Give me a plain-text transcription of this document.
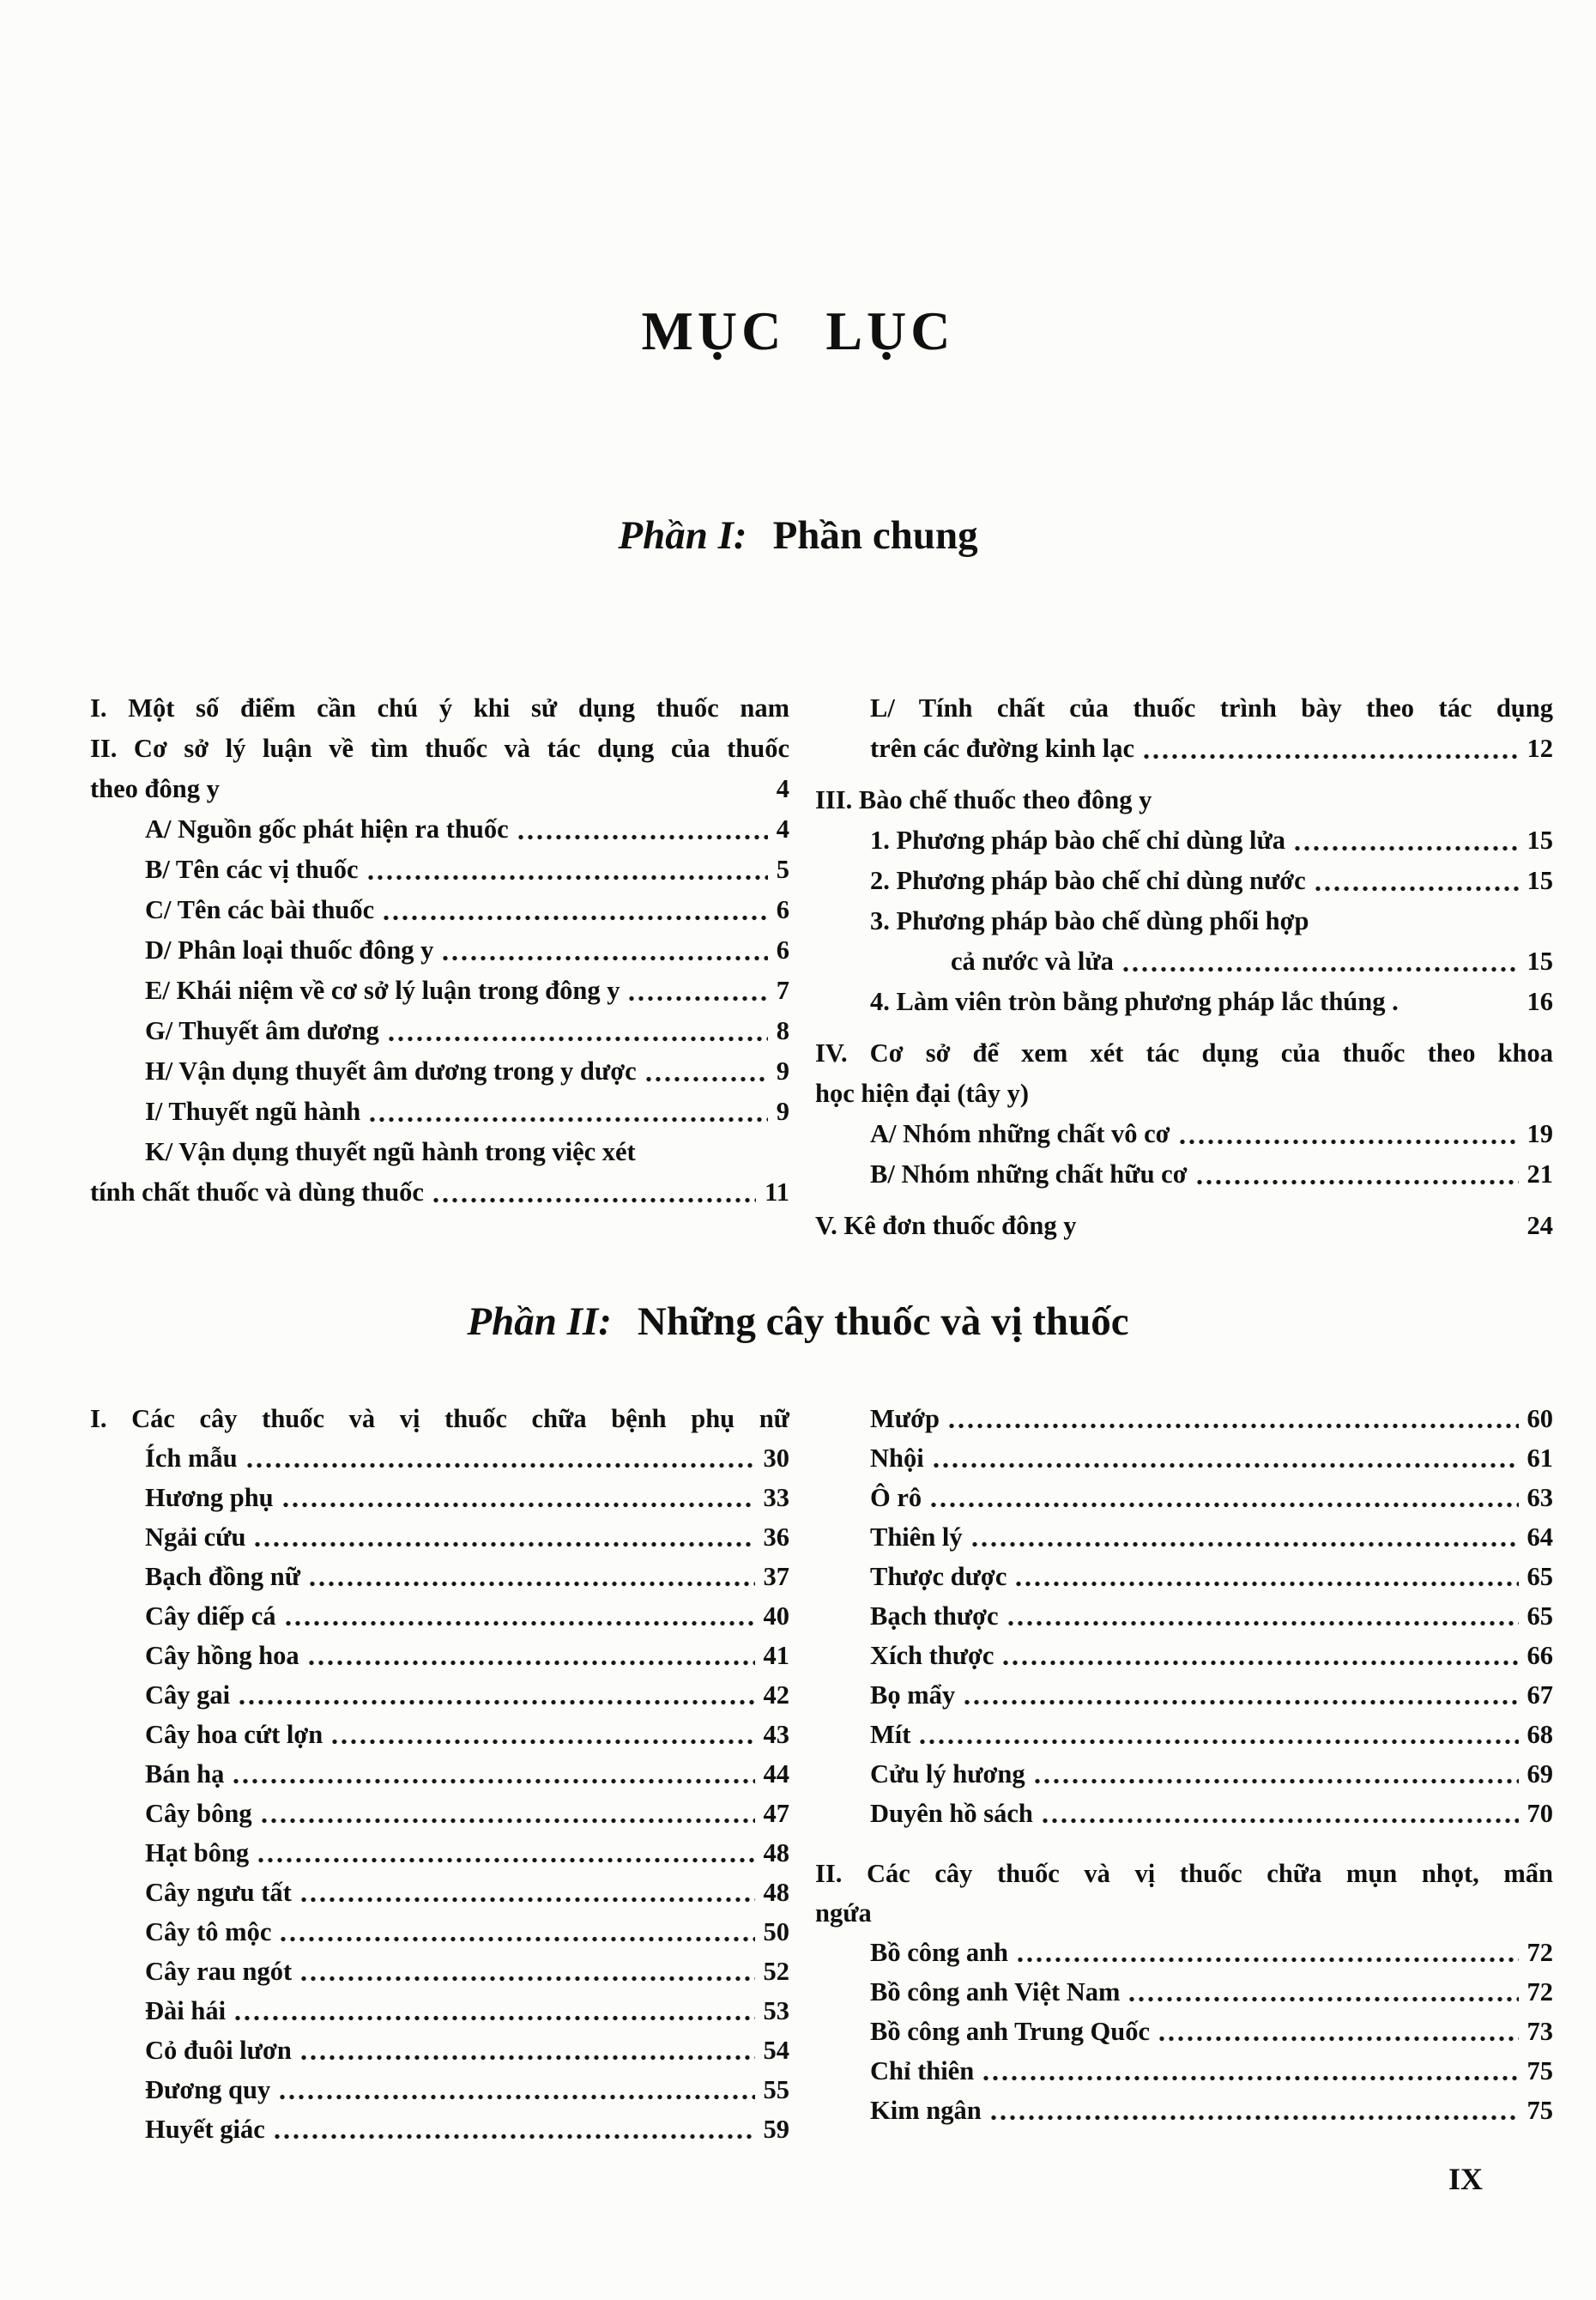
MỤC LỤC
Phần I: Phần chung
I. Một số điểm cần chú ý khi sử dụng thuốc nam
II. Cơ sở lý luận về tìm thuốc và tác dụng của thuốc
theo đông y	4
A/ Nguồn gốc phát hiện ra thuốc	4
B/ Tên các vị thuốc	5
C/ Tên các bài thuốc	6
D/ Phân loại thuốc đông y	6
E/ Khái niệm về cơ sở lý luận trong đông y	7
G/ Thuyết âm dương	8
H/ Vận dụng thuyết âm dương trong y dược	9
I/ Thuyết ngũ hành	9
K/ Vận dụng thuyết ngũ hành trong việc xét
tính chất thuốc và dùng thuốc	11
L/ Tính chất của thuốc trình bày theo tác dụng
trên các đường kinh lạc	12
III. Bào chế thuốc theo đông y
1. Phương pháp bào chế chỉ dùng lửa	15
2. Phương pháp bào chế chỉ dùng nước	15
3. Phương pháp bào chế dùng phối hợp
cả nước và lửa	15
4. Làm viên tròn bằng phương pháp lắc thúng .	16
IV. Cơ sở để xem xét tác dụng của thuốc theo khoa
học hiện đại (tây y)
A/ Nhóm những chất vô cơ	19
B/ Nhóm những chất hữu cơ	21
V. Kê đơn thuốc đông y	24
Phần II: Những cây thuốc và vị thuốc
I. Các cây thuốc và vị thuốc chữa bệnh phụ nữ
Ích mẫu	30
Hương phụ	33
Ngải cứu	36
Bạch đồng nữ	37
Cây diếp cá	40
Cây hồng hoa	41
Cây gai	42
Cây hoa cứt lợn	43
Bán hạ	44
Cây bông	47
Hạt bông	48
Cây ngưu tất	48
Cây tô mộc	50
Cây rau ngót	52
Đài hái	53
Cỏ đuôi lươn	54
Đương quy	55
Huyết giác	59
Mướp	60
Nhội	61
Ô rô	63
Thiên lý	64
Thược dược	65
Bạch thược	65
Xích thược	66
Bọ mẩy	67
Mít	68
Cửu lý hương	69
Duyên hồ sách	70
II. Các cây thuốc và vị thuốc chữa mụn nhọt, mẩn
ngứa
Bồ công anh	72
Bồ công anh Việt Nam	72
Bồ công anh Trung Quốc	73
Chỉ thiên	75
Kim ngân	75
IX
